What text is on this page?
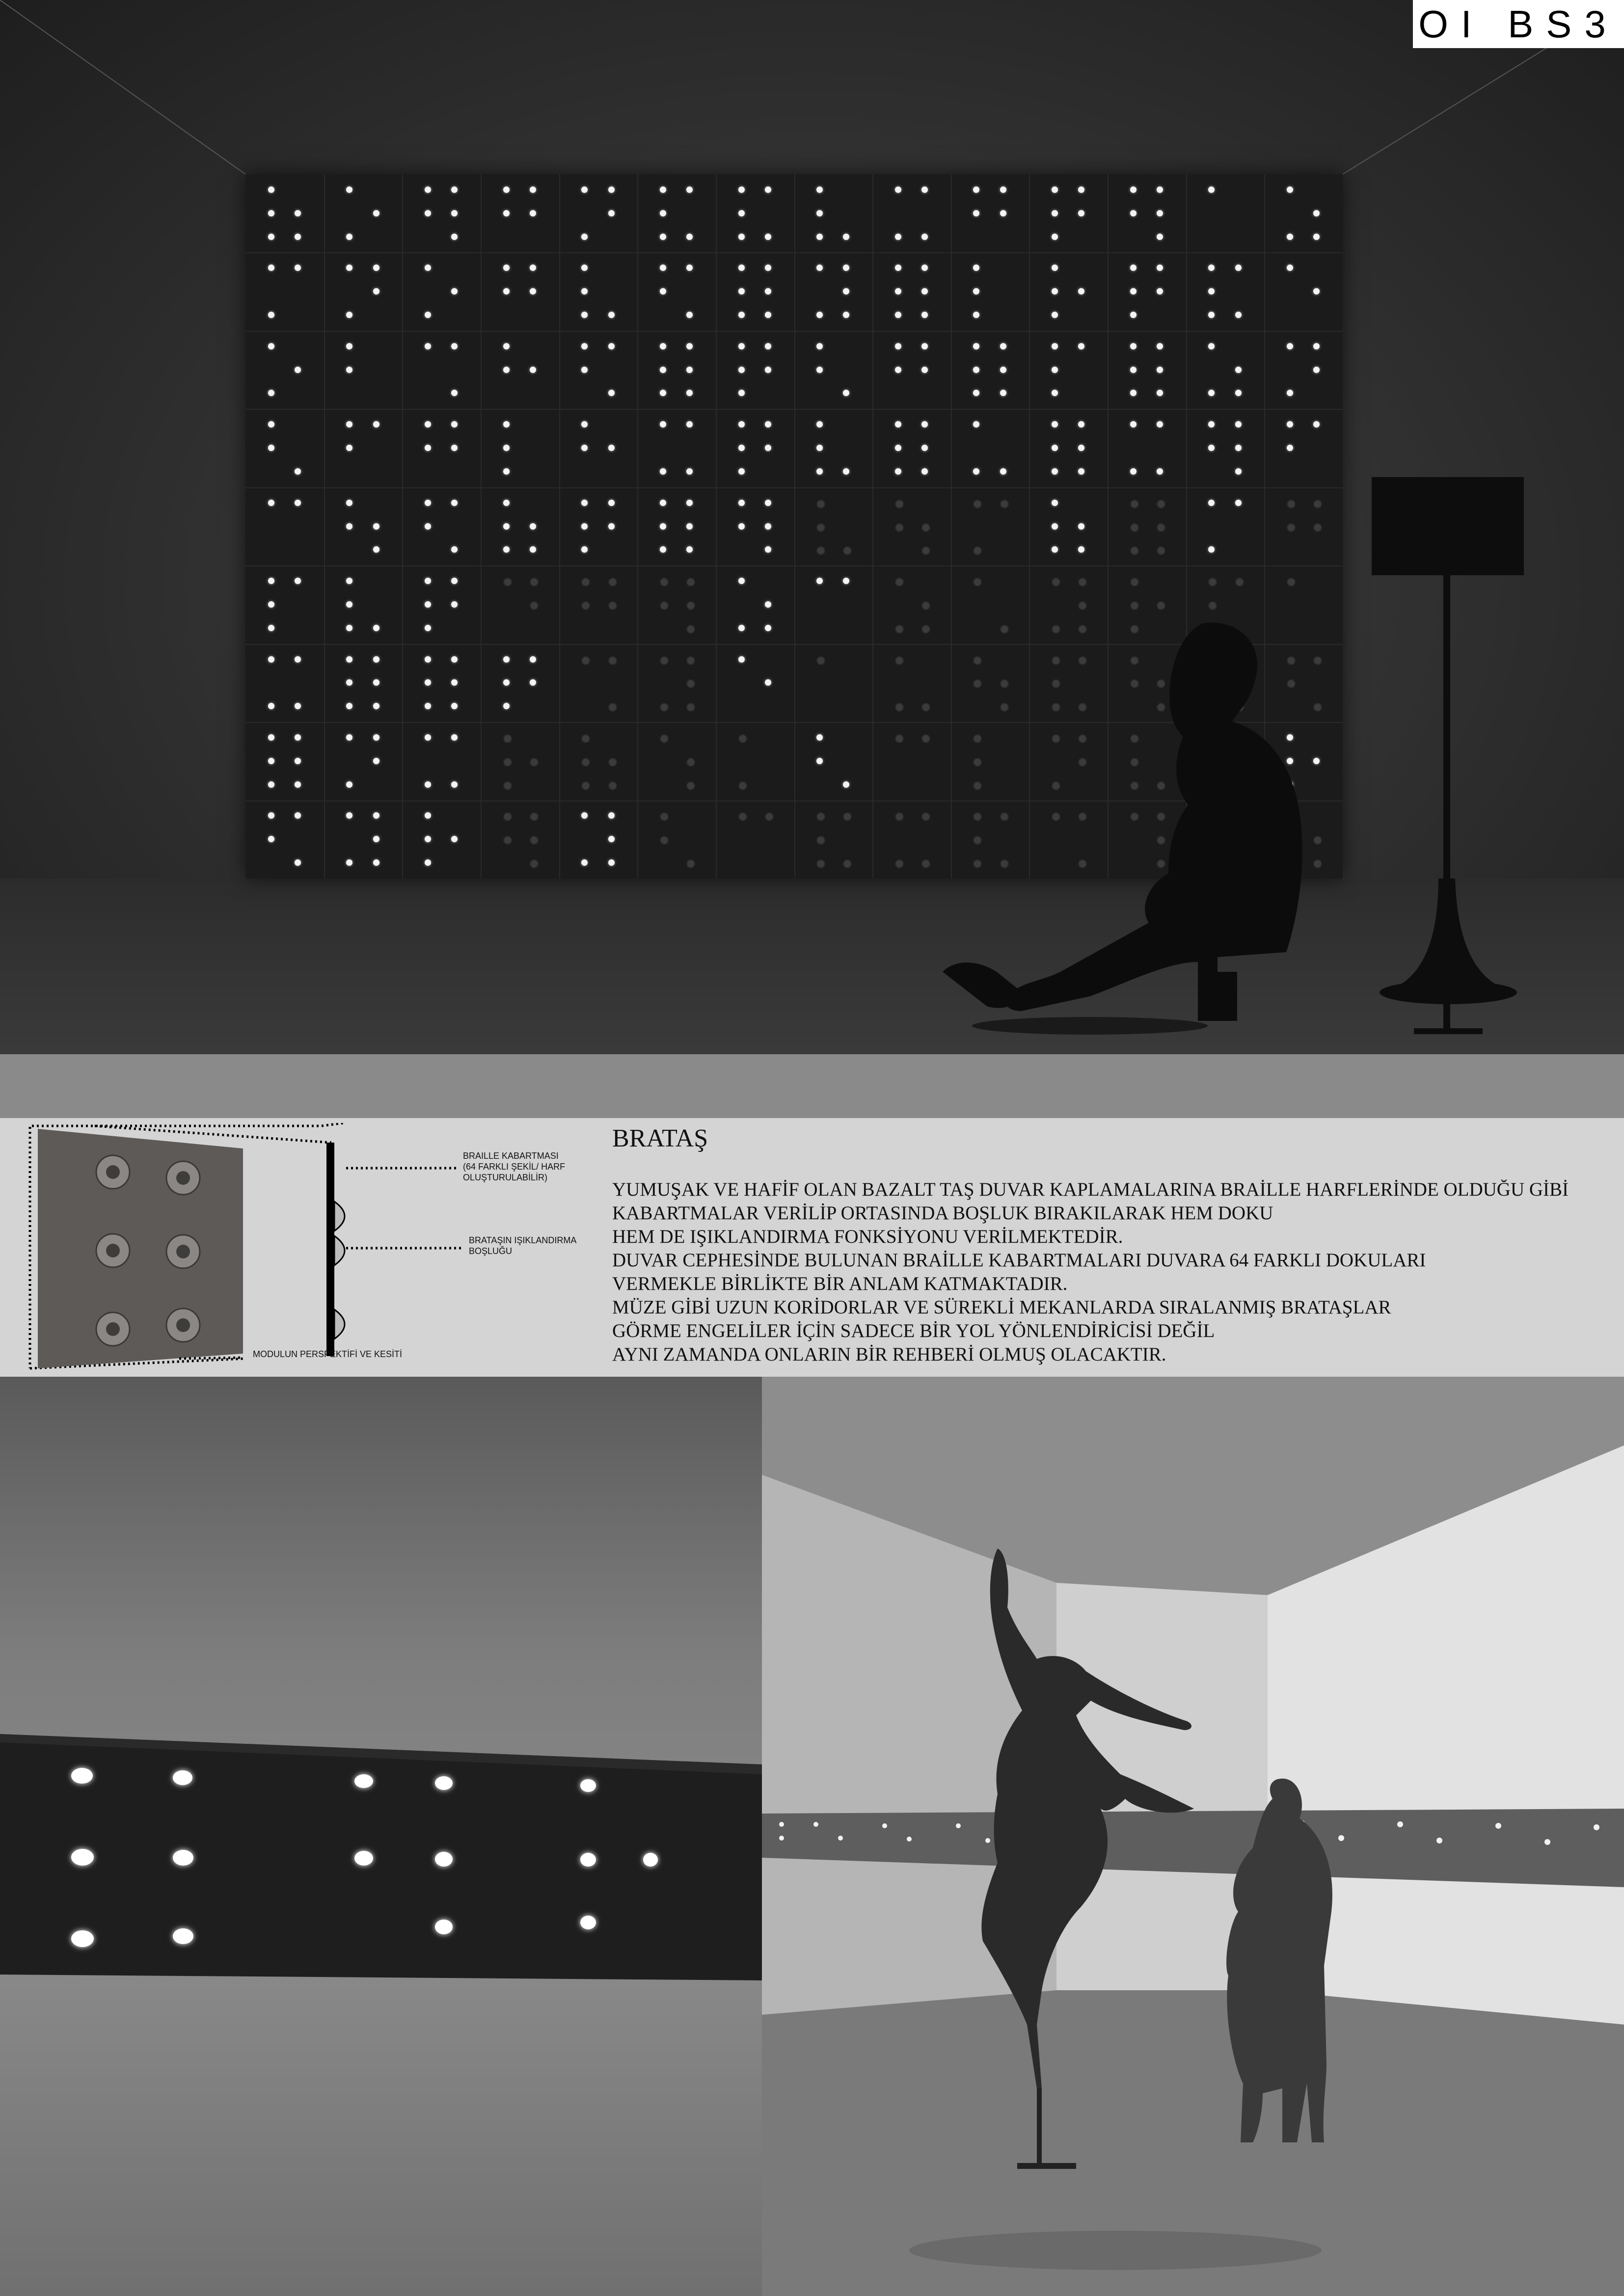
OI BS3
BRAILLE KABARTMASI
(64 FARKLI ŞEKİL/ HARF
OLUŞTURULABİLİR)
BRATAŞIN IŞIKLANDIRMA
BOŞLUĞU
MODULUN PERSPEKTİFİ VE KESİTİ
BRATAŞ
YUMUŞAK VE HAFİF OLAN BAZALT TAŞ DUVAR KAPLAMALARINA BRAİLLE HARFLERİNDE OLDUĞU GİBİ
KABARTMALAR VERİLİP ORTASINDA BOŞLUK BIRAKILARAK HEM DOKU
HEM DE IŞIKLANDIRMA FONKSİYONU VERİLMEKTEDİR.
DUVAR CEPHESİNDE BULUNAN BRAİLLE KABARTMALARI DUVARA 64 FARKLI DOKULARI
VERMEKLE BİRLİKTE BİR ANLAM KATMAKTADIR.
MÜZE GİBİ UZUN KORİDORLAR VE SÜREKLİ MEKANLARDA SIRALANMIŞ BRATAŞLAR
GÖRME ENGELİLER İÇİN SADECE BİR YOL YÖNLENDİRİCİSİ DEĞİL
AYNI ZAMANDA ONLARIN BİR REHBERİ OLMUŞ OLACAKTIR.
